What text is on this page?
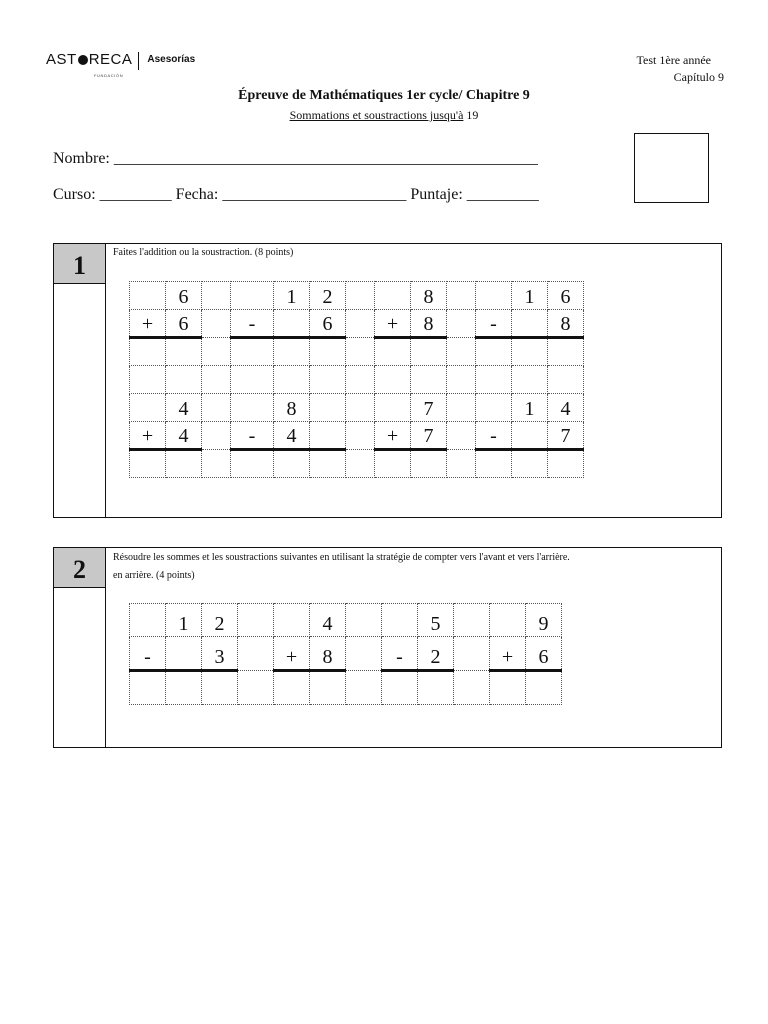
AST RECA
FUNDACIÓN
Asesorías	Test 1ère année
Capítulo 9
Épreuve de Mathématiques 1er cycle/ Chapitre 9
Sommations et soustractions jusqu'à 19
Nombre: _____________________________________________________
Curso: _________ Fecha: _______________________ Puntaje: _________
1	Faites l'addition ou la soustraction. (8 points)
	6			1	2			8			1	6
+	6		-		6		+	8		-		8

	4			8				7			1	4
+	4		-	4			+	7		-		7

2	Résoudre les sommes et les soustractions suivantes en utilisant la stratégie de compter vers l'avant et vers l'arrière.
en arrière. (4 points)
	1	2			4			5			9
-		3		+	8		-	2		+	6
